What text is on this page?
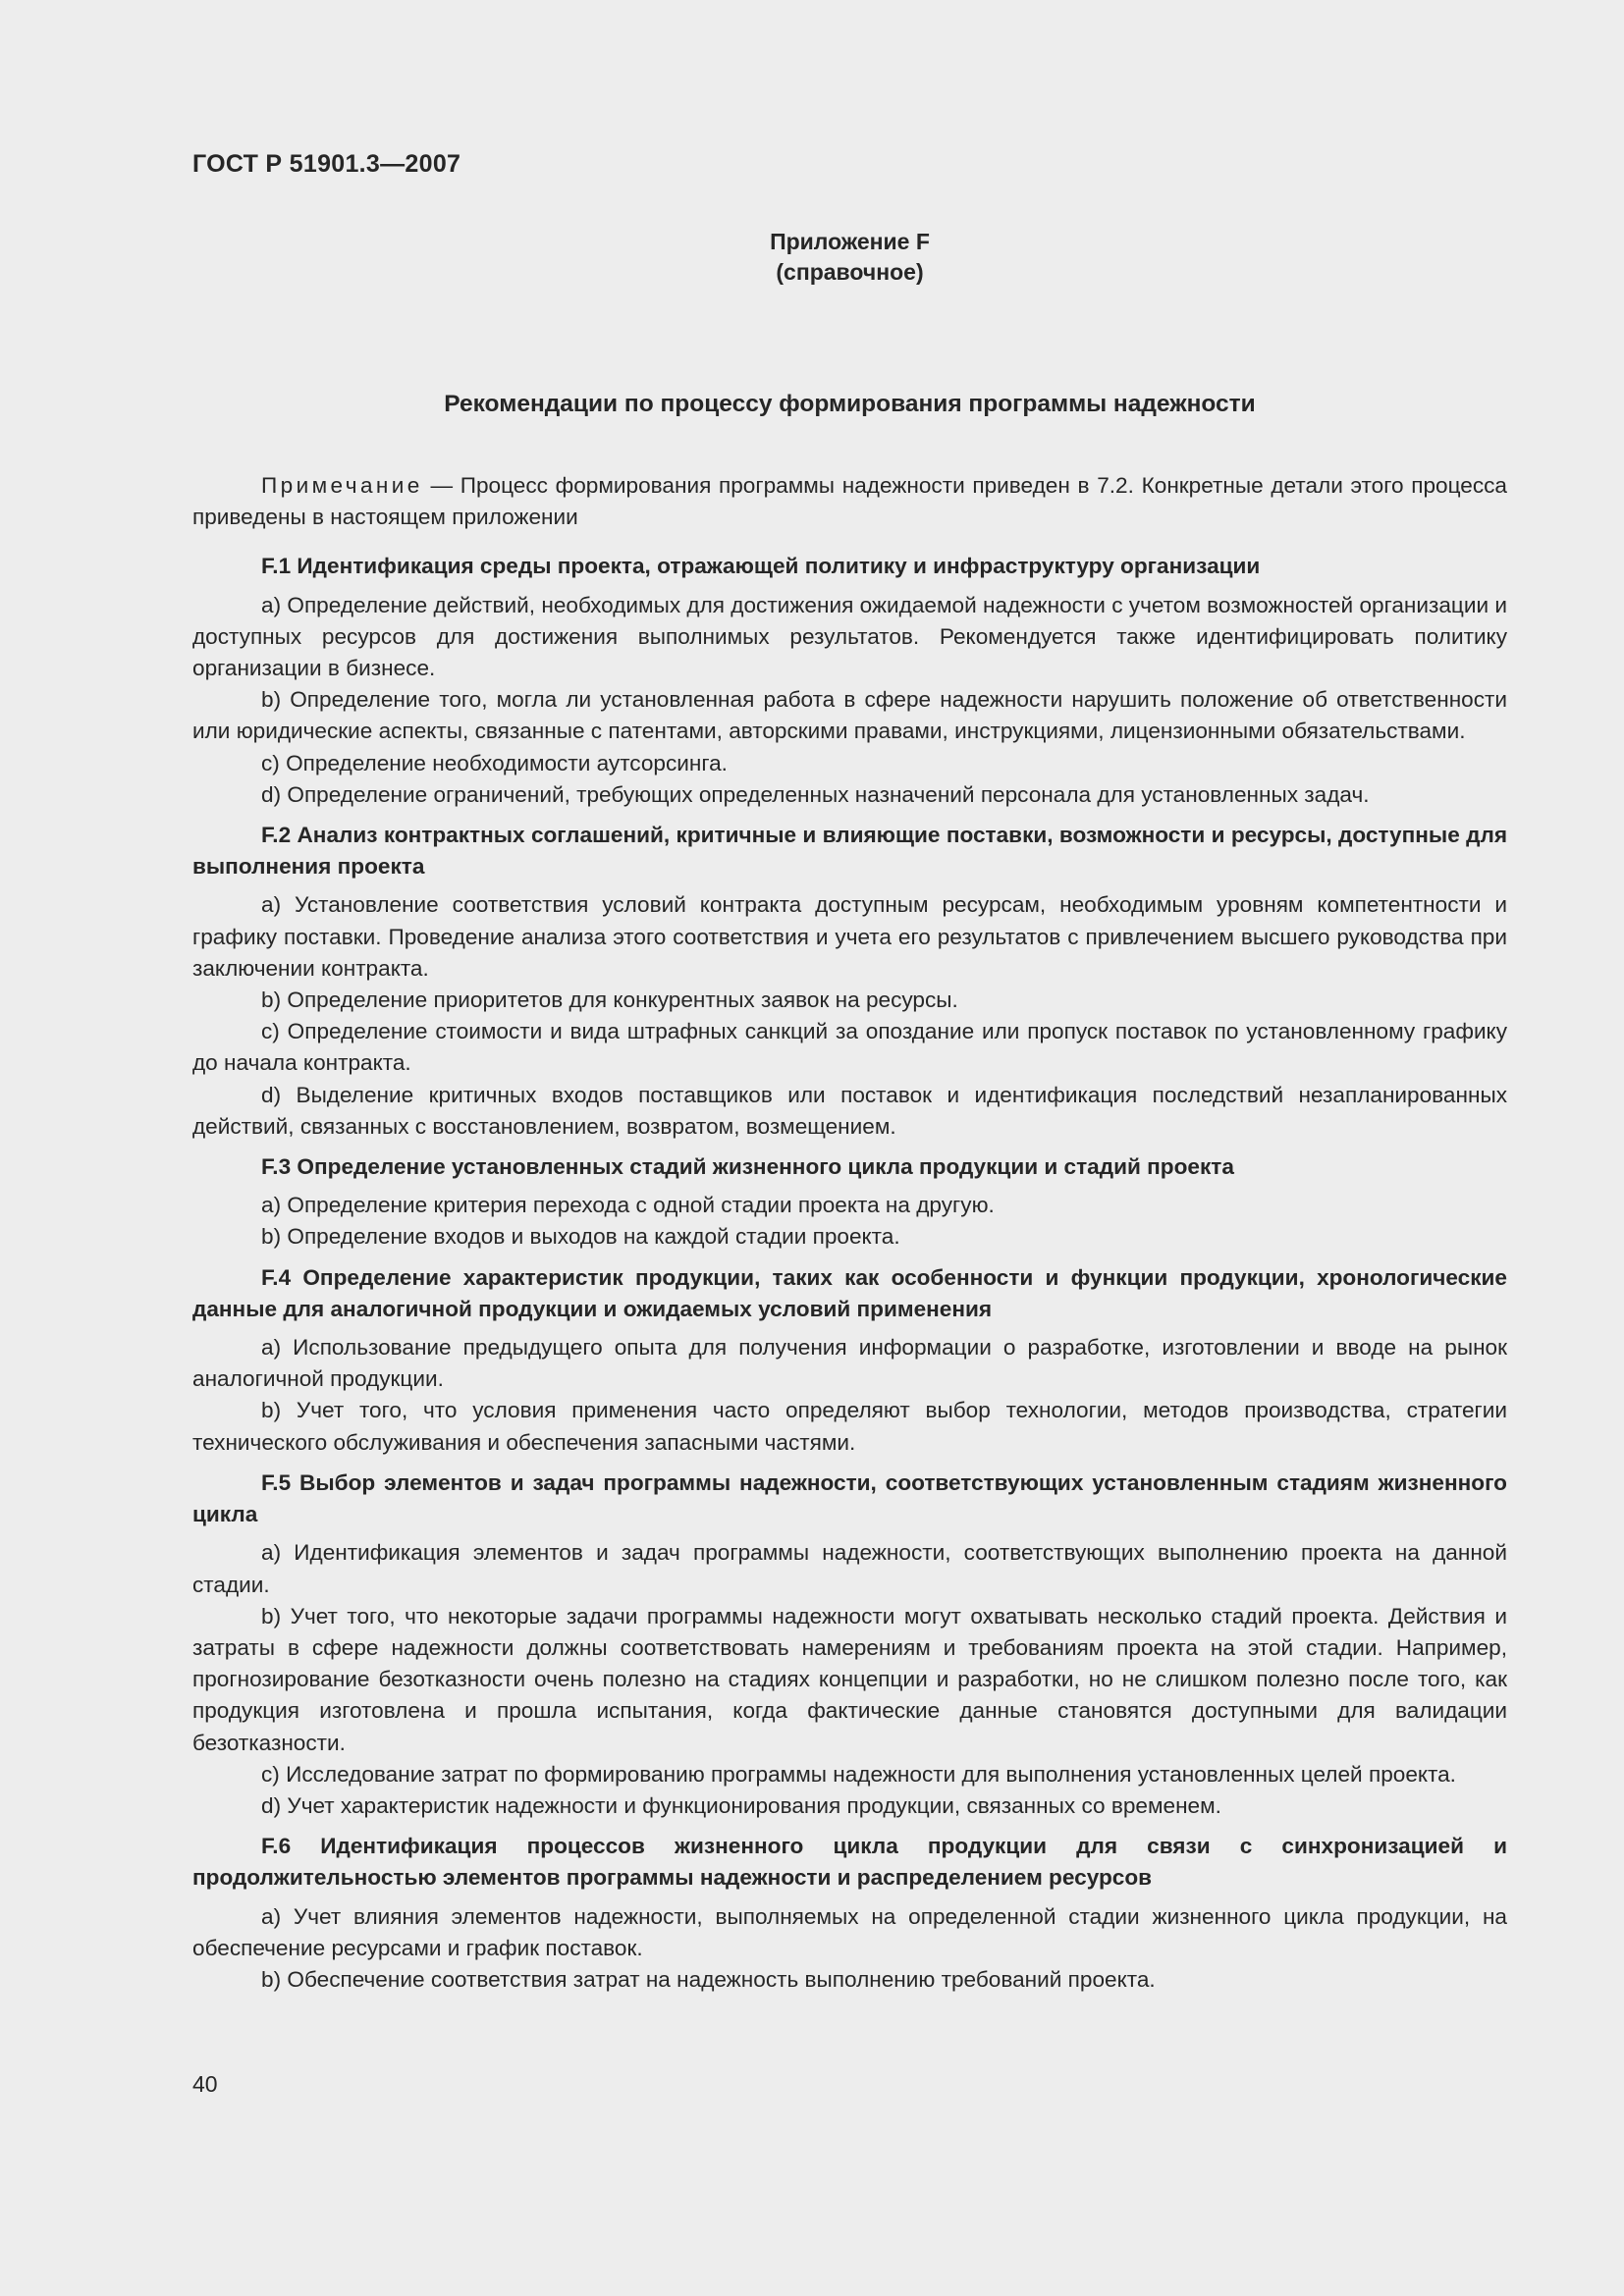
ГОСТ Р 51901.3—2007
Приложение F
(справочное)
Рекомендации по процессу формирования программы надежности

Примечание — Процесс формирования программы надежности приведен в 7.2. Конкретные детали этого процесса приведены в настоящем приложении

F.1 Идентификация среды проекта, отражающей политику и инфраструктуру организации

a) Определение действий, необходимых для достижения ожидаемой надежности с учетом возможностей организации и доступных ресурсов для достижения выполнимых результатов. Рекомендуется также идентифицировать политику организации в бизнесе.

b) Определение того, могла ли установленная работа в сфере надежности нарушить положение об ответственности или юридические аспекты, связанные с патентами, авторскими правами, инструкциями, лицензионными обязательствами.

c) Определение необходимости аутсорсинга.

d) Определение ограничений, требующих определенных назначений персонала для установленных задач.

F.2 Анализ контрактных соглашений, критичные и влияющие поставки, возможности и ресурсы, доступные для выполнения проекта

a) Установление соответствия условий контракта доступным ресурсам, необходимым уровням компетентности и графику поставки. Проведение анализа этого соответствия и учета его результатов с привлечением высшего руководства при заключении контракта.

b) Определение приоритетов для конкурентных заявок на ресурсы.

c) Определение стоимости и вида штрафных санкций за опоздание или пропуск поставок по установленному графику до начала контракта.

d) Выделение критичных входов поставщиков или поставок и идентификация последствий незапланированных действий, связанных с восстановлением, возвратом, возмещением.

F.3 Определение установленных стадий жизненного цикла продукции и стадий проекта

a) Определение критерия перехода с одной стадии проекта на другую.

b) Определение входов и выходов на каждой стадии проекта.

F.4 Определение характеристик продукции, таких как особенности и функции продукции, хронологические данные для аналогичной продукции и ожидаемых условий применения

a) Использование предыдущего опыта для получения информации о разработке, изготовлении и вводе на рынок аналогичной продукции.

b) Учет того, что условия применения часто определяют выбор технологии, методов производства, стратегии технического обслуживания и обеспечения запасными частями.

F.5 Выбор элементов и задач программы надежности, соответствующих установленным стадиям жизненного цикла

a) Идентификация элементов и задач программы надежности, соответствующих выполнению проекта на данной стадии.

b) Учет того, что некоторые задачи программы надежности могут охватывать несколько стадий проекта. Действия и затраты в сфере надежности должны соответствовать намерениям и требованиям проекта на этой стадии. Например, прогнозирование безотказности очень полезно на стадиях концепции и разработки, но не слишком полезно после того, как продукция изготовлена и прошла испытания, когда фактические данные становятся доступными для валидации безотказности.

c) Исследование затрат по формированию программы надежности для выполнения установленных целей проекта.

d) Учет характеристик надежности и функционирования продукции, связанных со временем.

F.6 Идентификация процессов жизненного цикла продукции для связи с синхронизацией и продолжительностью элементов программы надежности и распределением ресурсов

a) Учет влияния элементов надежности, выполняемых на определенной стадии жизненного цикла продукции, на обеспечение ресурсами и график поставок.

b) Обеспечение соответствия затрат на надежность выполнению требований проекта.

40
